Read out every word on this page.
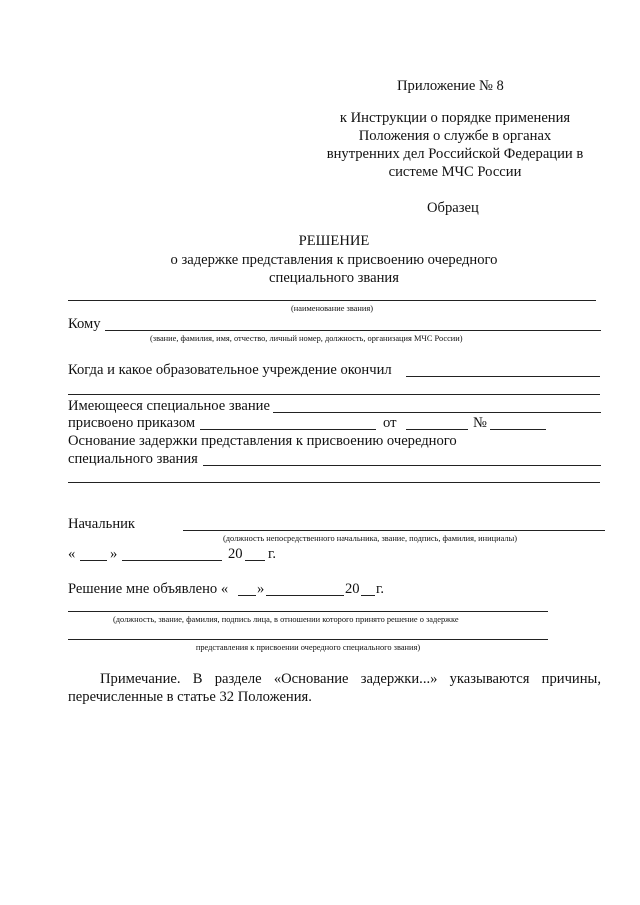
Приложение № 8
к Инструкции о порядке применения
Положения о службе в органах
внутренних дел Российской Федерации в
системе МЧС России
Образец
РЕШЕНИЕ
о задержке представления к присвоению очередного
специального звания
(наименование звания)
Кому
(звание, фамилия, имя, отчество, личный номер, должность, организация МЧС России)
Когда и какое образовательное учреждение окончил
Имеющееся специальное звание
присвоено приказом	от	№
Основание задержки представления к присвоению очередного
специального звания
Начальник
(должность непосредственного начальника, звание, подпись, фамилия, инициалы)
« »	20 г.
Решение мне объявлено « »	20 г.
(должность, звание, фамилия, подпись лица, в отношении которого принято решение о задержке
представления к присвоении очередного специального звания)
Примечание. В разделе «Основание задержки...» указываются причины,
перечисленные в статье 32 Положения.
